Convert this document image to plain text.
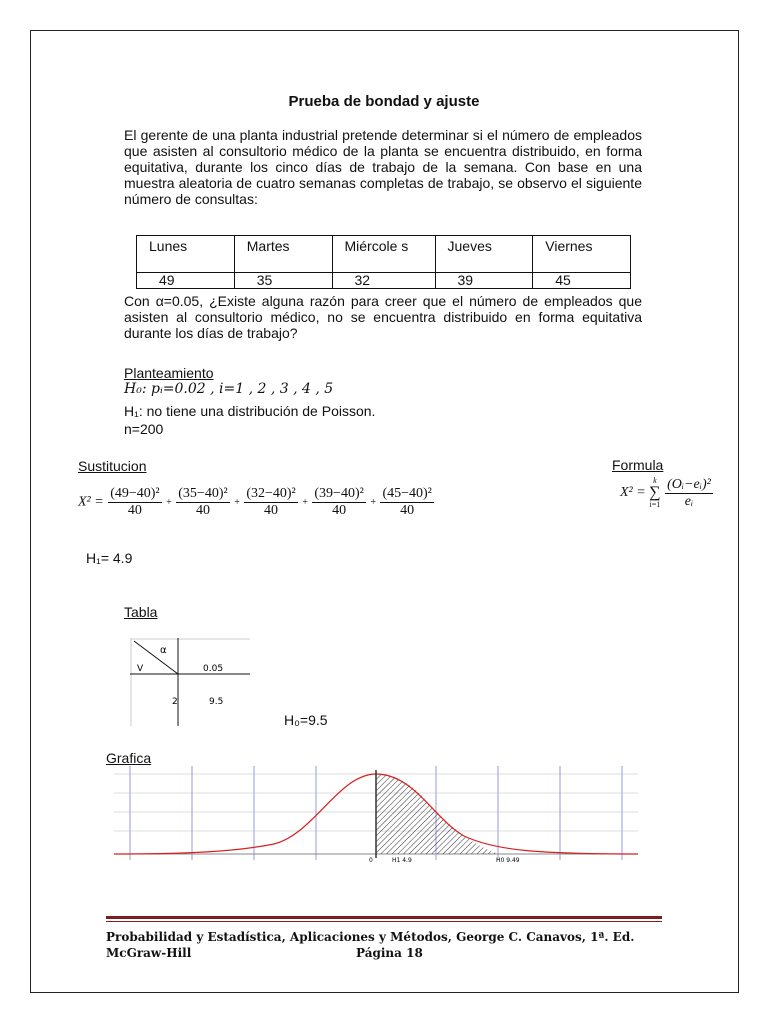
Prueba de bondad y ajuste
El gerente de una planta industrial pretende determinar si el número de empleados que asisten al consultorio médico de la planta se encuentra distribuido, en forma equitativa, durante los cinco días de trabajo de la semana. Con base en una muestra aleatoria de cuatro semanas completas de trabajo, se observo el siguiente número de consultas:
Lunes	Martes	Miércole s	Jueves	Viernes
49	35	32	39	45
Con α=0.05, ¿Existe alguna razón para creer que el número de empleados que asisten al consultorio médico, no se encuentra distribuido en forma equitativa durante los días de trabajo?
Planteamiento
H₀: pᵢ=0.02 , i=1 , 2 , 3 , 4 , 5
H₁: no tiene una distribución de Poisson.
n=200
Sustitucion
$X^2 = \frac{\text{(49−40)²}}{40} + \frac{\text{(35−40)²}}{40} + \frac{\text{(32−40)²}}{40} + \frac{\text{(39−40)²}}{40} + \frac{\text{(45−40)²}}{40}$
Formula
X² =
k
∑
i=1
$\frac{\text{(Oᵢ−eᵢ)²}}{\text{eᵢ}}$
H₁= 4.9
Tabla
α
V	0.05
2	9.5
H₀=9.5
Grafica
0	H1 4.9	H0 9.49
Probabilidad y Estadística, Aplicaciones y Métodos, George C. Canavos, 1ª. Ed.
McGraw-Hill	Página 18
